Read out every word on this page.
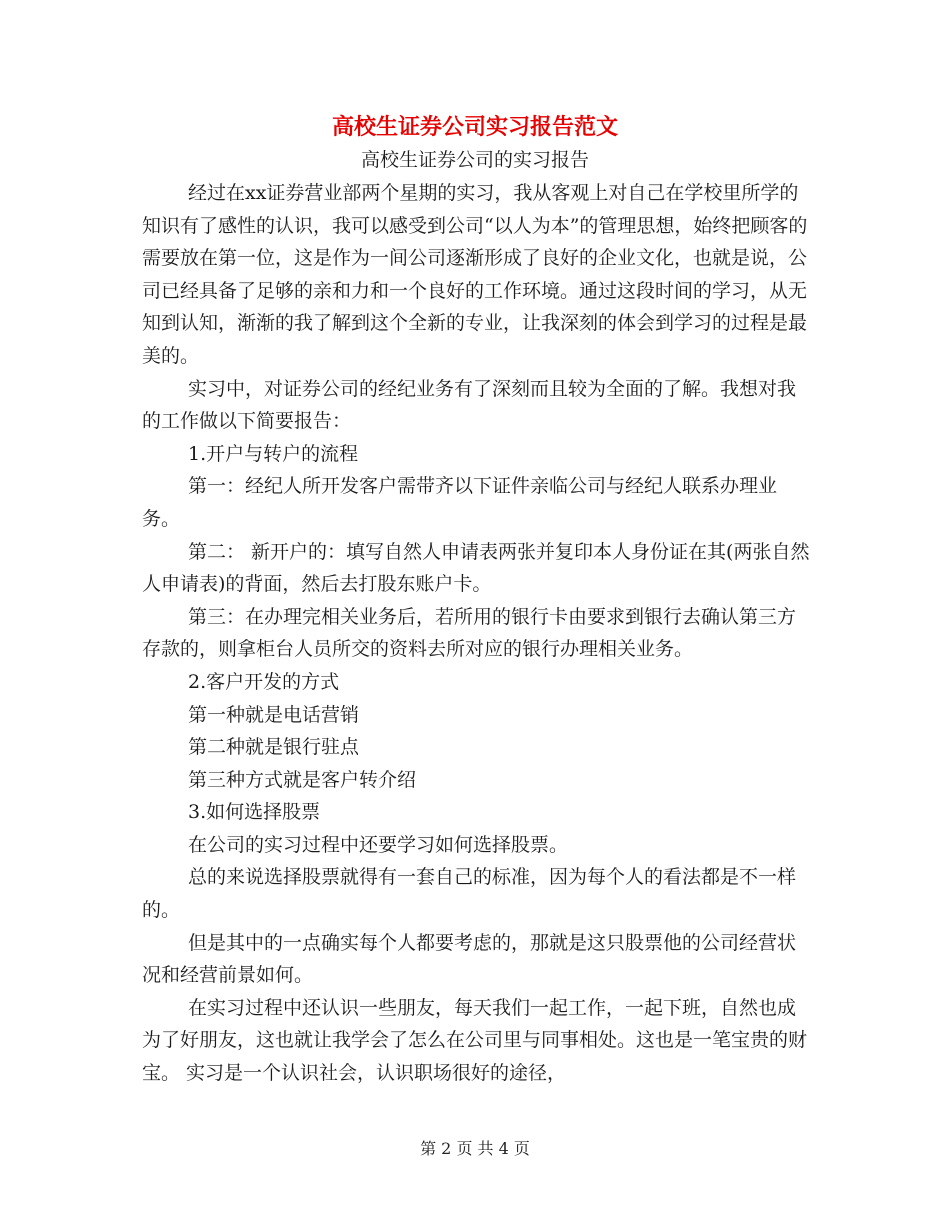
高校生证券公司实习报告范文
高校生证券公司的实习报告

经过在xx证券营业部两个星期的实习，我从客观上对自己在学校里所学的知识有了感性的认识，我可以感受到公司“以人为本”的管理思想，始终把顾客的需要放在第一位，这是作为一间公司逐渐形成了良好的企业文化，也就是说，公司已经具备了足够的亲和力和一个良好的工作环境。通过这段时间的学习，从无知到认知，渐渐的我了解到这个全新的专业，让我深刻的体会到学习的过程是最美的。

实习中，对证券公司的经纪业务有了深刻而且较为全面的了解。我想对我的工作做以下简要报告：

1.开户与转户的流程

第一：经纪人所开发客户需带齐以下证件亲临公司与经纪人联系办理业务。

第二： 新开户的：填写自然人申请表两张并复印本人身份证在其(两张自然人申请表)的背面，然后去打股东账户卡。

第三：在办理完相关业务后，若所用的银行卡由要求到银行去确认第三方存款的，则拿柜台人员所交的资料去所对应的银行办理相关业务。

2.客户开发的方式

第一种就是电话营销

第二种就是银行驻点

第三种方式就是客户转介绍

3.如何选择股票

在公司的实习过程中还要学习如何选择股票。

总的来说选择股票就得有一套自己的标准，因为每个人的看法都是不一样的。

但是其中的一点确实每个人都要考虑的，那就是这只股票他的公司经营状况和经营前景如何。

在实习过程中还认识一些朋友，每天我们一起工作，一起下班，自然也成为了好朋友，这也就让我学会了怎么在公司里与同事相处。这也是一笔宝贵的财宝。 实习是一个认识社会，认识职场很好的途径，

第 2 页 共 4 页
